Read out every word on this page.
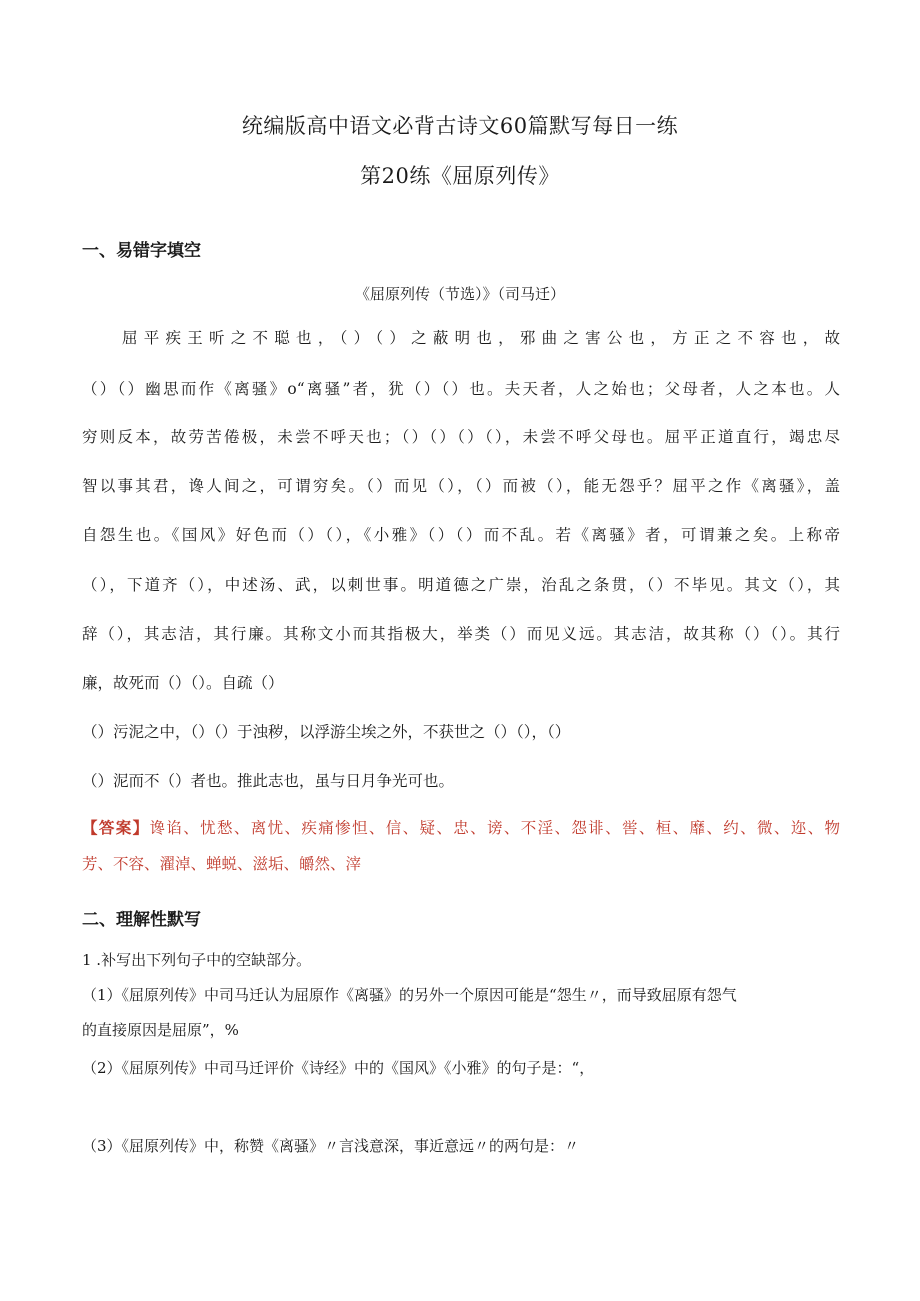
统编版高中语文必背古诗文60篇默写每日一练
第20练《屈原列传》
一、易错字填空
《屈原列传（节选）》（司马迁）
屈平疾王听之不聪也，（）（）之蔽明也，邪曲之害公也，方正之不容也，故
（）（）幽思而作《离骚》o“离骚”者，犹（）（）也。夫天者，人之始也；父母者，人之本也。人
穷则反本，故劳苦倦极，未尝不呼天也；（）（）（）（），未尝不呼父母也。屈平正道直行，竭忠尽
智以事其君，谗人间之，可谓穷矣。（）而见（），（）而被（），能无怨乎？屈平之作《离骚》，盖
自怨生也。《国风》好色而（）（），《小雅》（）（）而不乱。若《离骚》者，可谓兼之矣。上称帝
（），下道齐（），中述汤、武，以刺世事。明道德之广崇，治乱之条贯，（）不毕见。其文（），其
辞（），其志洁，其行廉。其称文小而其指极大，举类（）而见义远。其志洁，故其称（）（）。其行
廉，故死而（）（）。自疏（）
（）污泥之中，（）（）于浊秽，以浮游尘埃之外，不获世之（）（），（）
（）泥而不（）者也。推此志也，虽与日月争光可也。
【答案】谗谄、忧愁、离忧、疾痛惨怛、信、疑、忠、谤、不淫、怨诽、喾、桓、靡、约、微、迩、物
芳、不容、濯淖、蝉蜕、滋垢、皭然、滓
二、理解性默写
1 .补写出下列句子中的空缺部分。
（1）《屈原列传》中司马迁认为屈原作《离骚》的另外一个原因可能是“怨生〃，而导致屈原有怨气
的直接原因是屈原”，%
（2）《屈原列传》中司马迁评价《诗经》中的《国风》《小雅》的句子是：“，
（3）《屈原列传》中，称赞《离骚》〃言浅意深，事近意远〃的两句是：〃
